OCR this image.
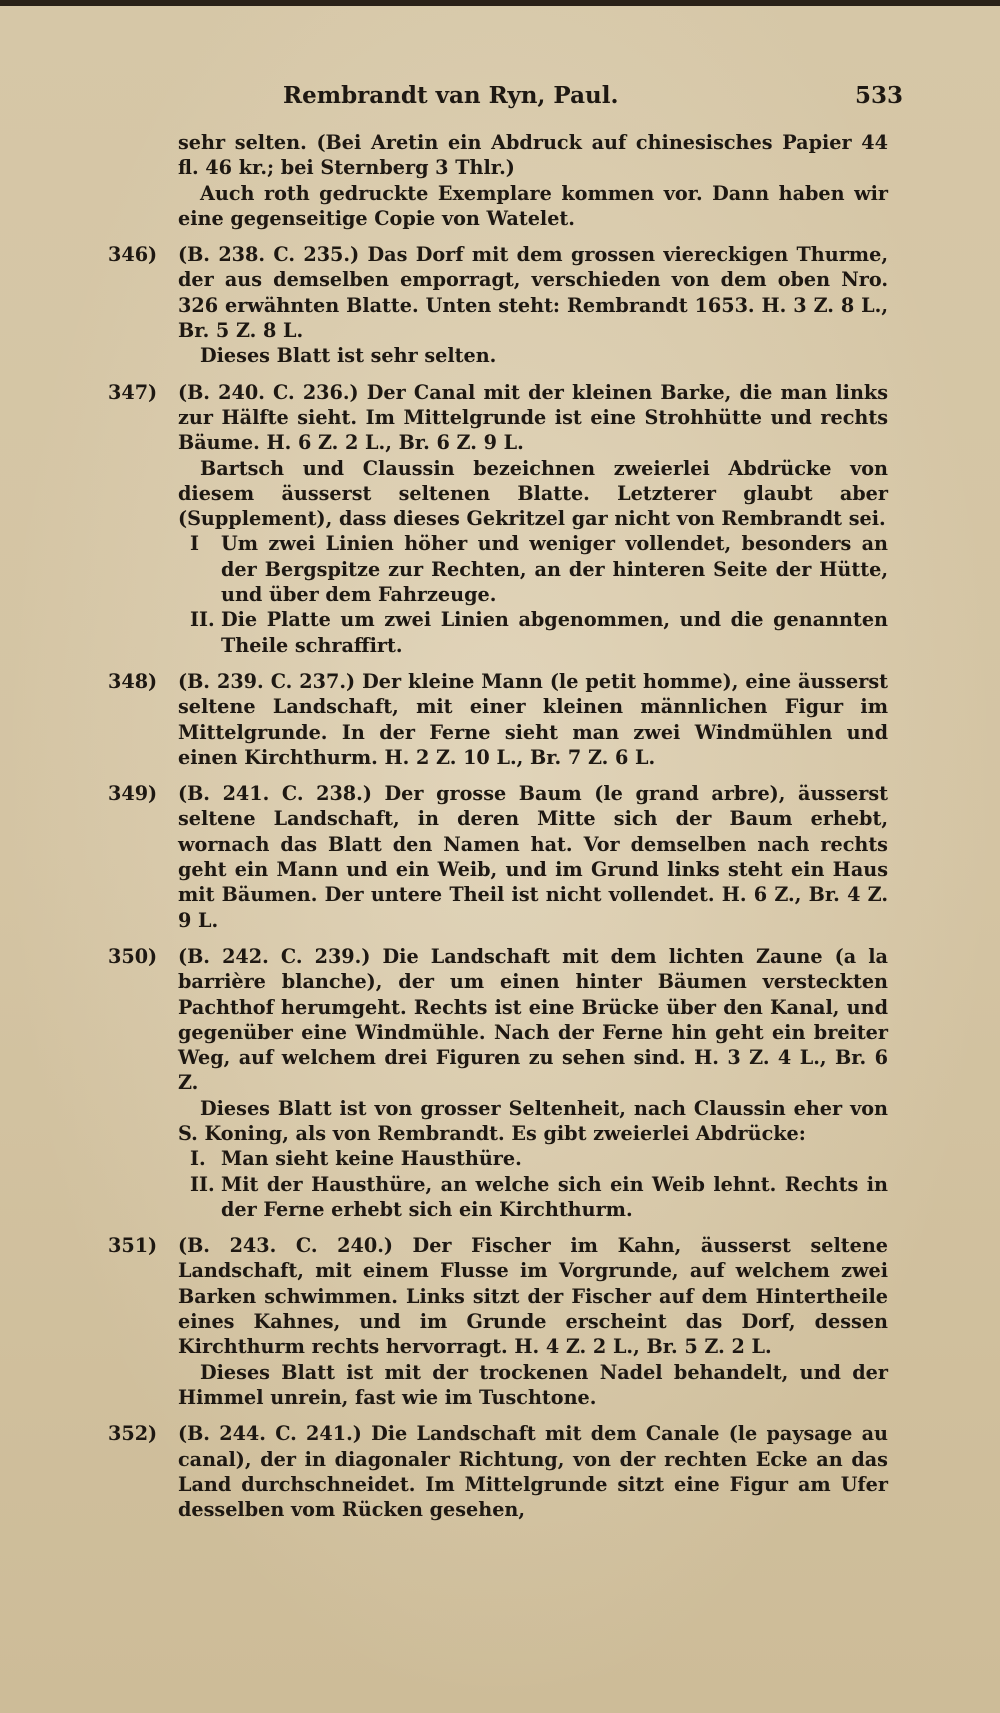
Rembrandt van Ryn, Paul.	533

sehr selten. (Bei Aretin ein Abdruck auf chinesisches Papier 44 fl. 46 kr.; bei Sternberg 3 Thlr.)

Auch roth gedruckte Exemplare kommen vor. Dann haben wir eine gegenseitige Copie von Watelet.

346)	(B. 238. C. 235.) Das Dorf mit dem grossen viereckigen Thurme, der aus demselben emporragt, verschieden von dem oben Nro. 326 erwähnten Blatte. Unten steht: Rembrandt 1653. H. 3 Z. 8 L., Br. 5 Z. 8 L.

Dieses Blatt ist sehr selten.

347)	(B. 240. C. 236.) Der Canal mit der kleinen Barke, die man links zur Hälfte sieht. Im Mittelgrunde ist eine Strohhütte und rechts Bäume. H. 6 Z. 2 L., Br. 6 Z. 9 L.

Bartsch und Claussin bezeichnen zweierlei Abdrücke von diesem äusserst seltenen Blatte. Letzterer glaubt aber (Supplement), dass dieses Gekritzel gar nicht von Rembrandt sei.

I Um zwei Linien höher und weniger vollendet, besonders an der Bergspitze zur Rechten, an der hinteren Seite der Hütte, und über dem Fahrzeuge.

II. Die Platte um zwei Linien abgenommen, und die genannten Theile schraffirt.

348)	(B. 239. C. 237.) Der kleine Mann (le petit homme), eine äusserst seltene Landschaft, mit einer kleinen männlichen Figur im Mittelgrunde. In der Ferne sieht man zwei Windmühlen und einen Kirchthurm. H. 2 Z. 10 L., Br. 7 Z. 6 L.

349)	(B. 241. C. 238.) Der grosse Baum (le grand arbre), äusserst seltene Landschaft, in deren Mitte sich der Baum erhebt, wornach das Blatt den Namen hat. Vor demselben nach rechts geht ein Mann und ein Weib, und im Grund links steht ein Haus mit Bäumen. Der untere Theil ist nicht vollendet. H. 6 Z., Br. 4 Z. 9 L.

350)	(B. 242. C. 239.) Die Landschaft mit dem lichten Zaune (a la barrière blanche), der um einen hinter Bäumen versteckten Pachthof herumgeht. Rechts ist eine Brücke über den Kanal, und gegenüber eine Windmühle. Nach der Ferne hin geht ein breiter Weg, auf welchem drei Figuren zu sehen sind. H. 3 Z. 4 L., Br. 6 Z.

Dieses Blatt ist von grosser Seltenheit, nach Claussin eher von S. Koning, als von Rembrandt. Es gibt zweierlei Abdrücke:

I. Man sieht keine Hausthüre.

II. Mit der Hausthüre, an welche sich ein Weib lehnt. Rechts in der Ferne erhebt sich ein Kirchthurm.

351)	(B. 243. C. 240.) Der Fischer im Kahn, äusserst seltene Landschaft, mit einem Flusse im Vorgrunde, auf welchem zwei Barken schwimmen. Links sitzt der Fischer auf dem Hintertheile eines Kahnes, und im Grunde erscheint das Dorf, dessen Kirchthurm rechts hervorragt. H. 4 Z. 2 L., Br. 5 Z. 2 L.

Dieses Blatt ist mit der trockenen Nadel behandelt, und der Himmel unrein, fast wie im Tuschtone.

352)	(B. 244. C. 241.) Die Landschaft mit dem Canale (le paysage au canal), der in diagonaler Richtung, von der rechten Ecke an das Land durchschneidet. Im Mittelgrunde sitzt eine Figur am Ufer desselben vom Rücken gesehen,
